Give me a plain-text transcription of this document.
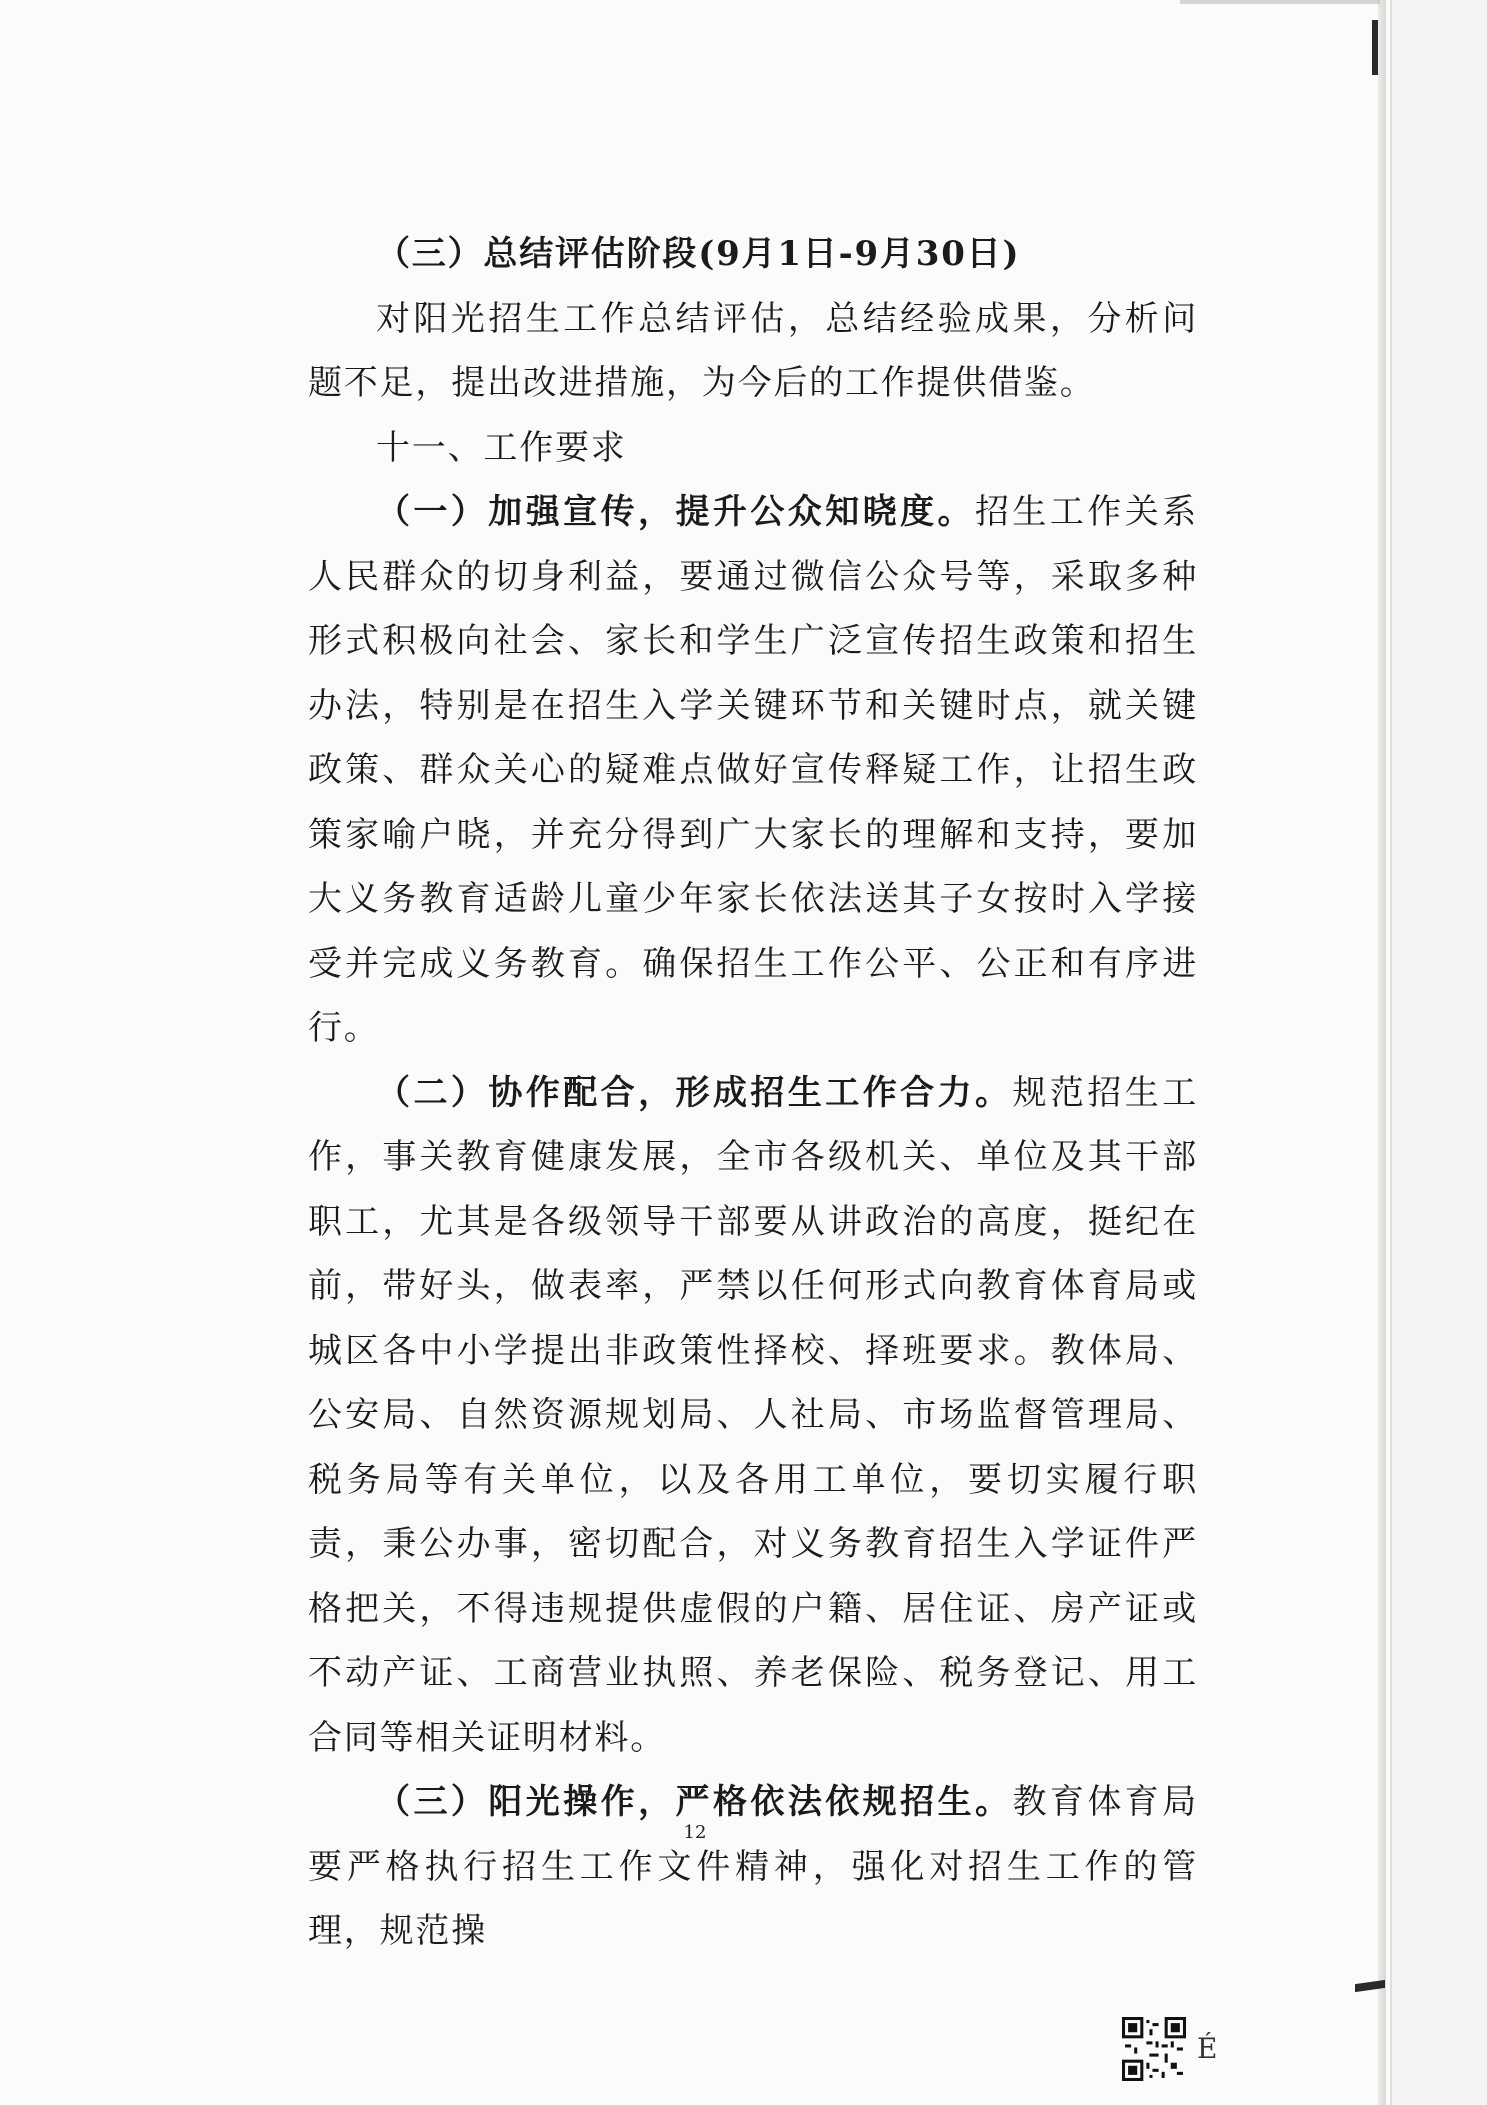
（三）总结评估阶段(9月1日-9月30日)

对阳光招生工作总结评估，总结经验成果，分析问题不足，提出改进措施，为今后的工作提供借鉴。

十一、工作要求

（一）加强宣传，提升公众知晓度。招生工作关系人民群众的切身利益，要通过微信公众号等，采取多种形式积极向社会、家长和学生广泛宣传招生政策和招生办法，特别是在招生入学关键环节和关键时点，就关键政策、群众关心的疑难点做好宣传释疑工作，让招生政策家喻户晓，并充分得到广大家长的理解和支持，要加大义务教育适龄儿童少年家长依法送其子女按时入学接受并完成义务教育。确保招生工作公平、公正和有序进行。

（二）协作配合，形成招生工作合力。规范招生工作，事关教育健康发展，全市各级机关、单位及其干部职工，尤其是各级领导干部要从讲政治的高度，挺纪在前，带好头，做表率，严禁以任何形式向教育体育局或城区各中小学提出非政策性择校、择班要求。教体局、公安局、自然资源规划局、人社局、市场监督管理局、税务局等有关单位，以及各用工单位，要切实履行职责，秉公办事，密切配合，对义务教育招生入学证件严格把关，不得违规提供虚假的户籍、居住证、房产证或不动产证、工商营业执照、养老保险、税务登记、用工合同等相关证明材料。

（三）阳光操作，严格依法依规招生。教育体育局要严格执行招生工作文件精神，强化对招生工作的管理，规范操

12
É
